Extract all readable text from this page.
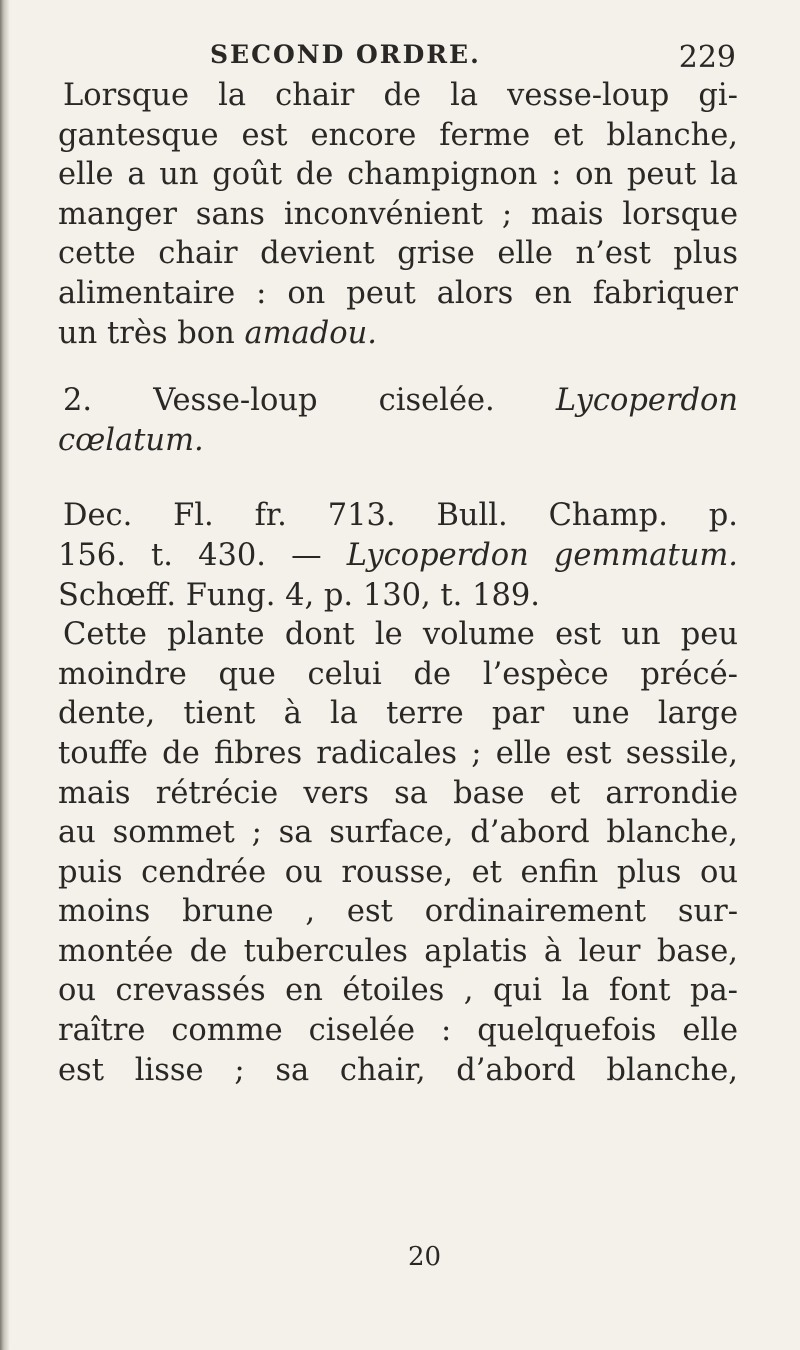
SECOND ORDRE.	229
Lorsque la chair de la vesse-loup gi-
gantesque est encore ferme et blanche,
elle a un goût de champignon : on peut la
manger sans inconvénient ; mais lorsque
cette chair devient grise elle n’est plus
alimentaire : on peut alors en fabriquer
un très bon amadou.
2. Vesse-loup ciselée. Lycoperdon
cœlatum.
Dec. Fl. fr. 713. Bull. Champ. p.
156. t. 430. — Lycoperdon gemmatum.
Schœff. Fung. 4, p. 130, t. 189.
Cette plante dont le volume est un peu
moindre que celui de l’espèce précé-
dente, tient à la terre par une large
touffe de fibres radicales ; elle est sessile,
mais rétrécie vers sa base et arrondie
au sommet ; sa surface, d’abord blanche,
puis cendrée ou rousse, et enfin plus ou
moins brune , est ordinairement sur-
montée de tubercules aplatis à leur base,
ou crevassés en étoiles , qui la font pa-
raître comme ciselée : quelquefois elle
est lisse ; sa chair, d’abord blanche,
20
